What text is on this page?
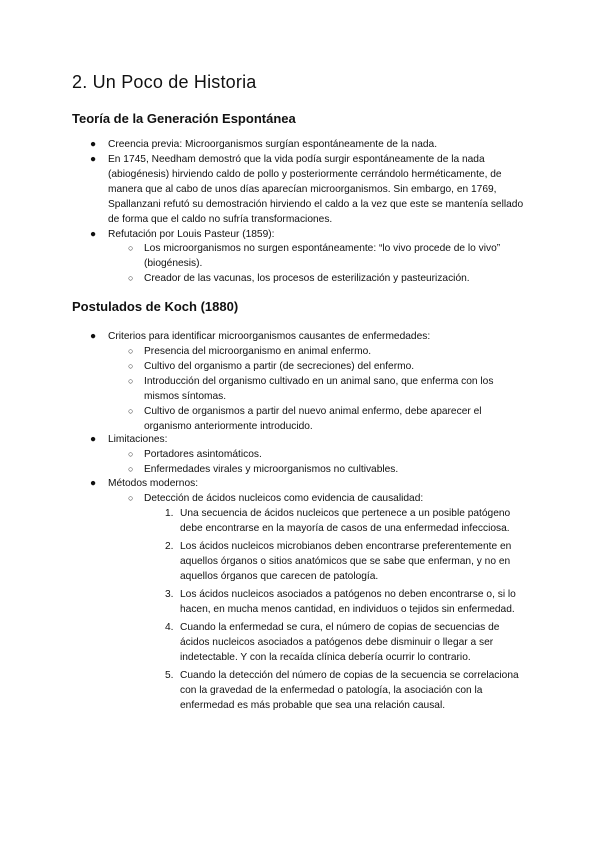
2. Un Poco de Historia
Teoría de la Generación Espontánea
● Creencia previa: Microorganismos surgían espontáneamente de la nada.
● En 1745, Needham demostró que la vida podía surgir espontáneamente de la nada (abiogénesis) hirviendo caldo de pollo y posteriormente cerrándolo herméticamente, de manera que al cabo de unos días aparecían microorganismos. Sin embargo, en 1769, Spallanzani refutó su demostración hirviendo el caldo a la vez que este se mantenía sellado de forma que el caldo no sufría transformaciones.
● Refutación por Louis Pasteur (1859):
○ Los microorganismos no surgen espontáneamente: “lo vivo procede de lo vivo” (biogénesis).
○ Creador de las vacunas, los procesos de esterilización y pasteurización.
Postulados de Koch (1880)
● Criterios para identificar microorganismos causantes de enfermedades:
○ Presencia del microorganismo en animal enfermo.
○ Cultivo del organismo a partir (de secreciones) del enfermo.
○ Introducción del organismo cultivado en un animal sano, que enferma con los mismos síntomas.
○ Cultivo de organismos a partir del nuevo animal enfermo, debe aparecer el organismo anteriormente introducido.
● Limitaciones:
○ Portadores asintomáticos.
○ Enfermedades virales y microorganismos no cultivables.
● Métodos modernos:
○ Detección de ácidos nucleicos como evidencia de causalidad:
1. Una secuencia de ácidos nucleicos que pertenece a un posible patógeno debe encontrarse en la mayoría de casos de una enfermedad infecciosa.
2. Los ácidos nucleicos microbianos deben encontrarse preferentemente en aquellos órganos o sitios anatómicos que se sabe que enferman, y no en aquellos órganos que carecen de patología.
3. Los ácidos nucleicos asociados a patógenos no deben encontrarse o, si lo hacen, en mucha menos cantidad, en individuos o tejidos sin enfermedad.
4. Cuando la enfermedad se cura, el número de copias de secuencias de ácidos nucleicos asociados a patógenos debe disminuir o llegar a ser indetectable. Y con la recaída clínica debería ocurrir lo contrario.
5. Cuando la detección del número de copias de la secuencia se correlaciona con la gravedad de la enfermedad o patología, la asociación con la enfermedad es más probable que sea una relación causal.
